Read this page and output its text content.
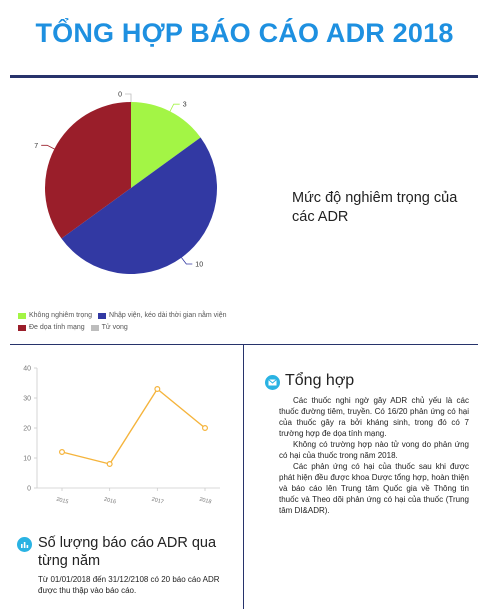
TỔNG HỢP BÁO CÁO ADR 2018
3
10
7
0
Không nghiêm trọng Nhập viện, kéo dài thời gian nằm viện
Đe dọa tính mạng Tử vong
Mức độ nghiêm trọng của các ADR
0
10
20
30
40
2015	2016	2017	2018
Số lượng báo cáo ADR qua từng năm
Từ 01/01/2018 đến 31/12/2108 có 20 báo cáo ADR được thu thập vào báo cáo.
Tổng hợp

Các thuốc nghi ngờ gây ADR chủ yếu là các thuốc đường tiêm, truyền. Có 16/20 phản ứng có hại của thuốc gây ra bởi kháng sinh, trong đó có 7 trường hợp đe dọa tính mạng.

Không có trường hợp nào tử vong do phản ứng có hại của thuốc trong năm 2018.

Các phản ứng có hại của thuốc sau khi được phát hiện đều được khoa Dược tổng hợp, hoàn thiện và báo cáo lên Trung tâm Quốc gia về Thông tin thuốc và Theo dõi phản ứng có hại của thuốc (Trung tâm DI&ADR).
